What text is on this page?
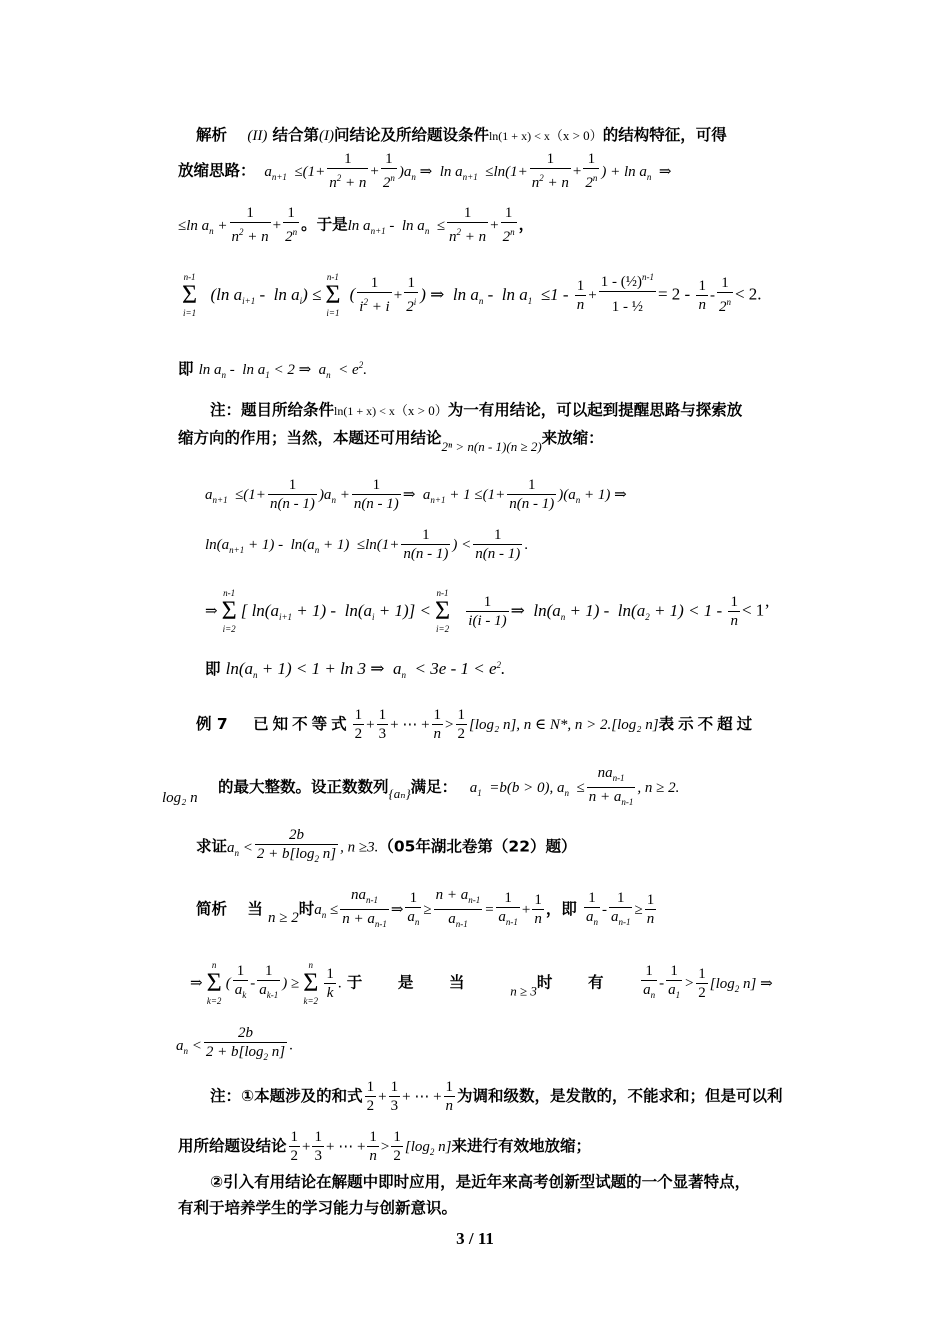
解析 (II) 结合第(I)问结论及所给题设条件ln(1 + x) < x（x > 0）的结构特征，可得
放缩思路：  $a_{n+1} \le(1+ \frac{1}{n^2 + n} + \frac{1}{2^n} )a_n$ ⇒  $\ln a_{n+1} \le\ln(1+ \frac{1}{n^2 + n} + \frac{1}{2^n}$ ) + $\ln a_n$  ⇒
≤ln $a_n + \frac{1}{n^2 + n} + \frac{1}{2^n}$ 。于是$\ln a_{n+1} - \ln a_n \le \frac{1}{n^2 + n} + \frac{1}{2^n}$ ，
n-1
Σ
i=1
(ln $a_{i+1}$ -  $\ln a_i$) ≤
n-1
Σ
i=1
( $\frac{1}{i^2 + i} + \frac{1}{2^i}$ ) ⇒  $\ln a_n - \ln a_1 \le 1 - \frac{1}{n} + \frac{1 - (\frac{1}{2})^{n-1}}{\text{1 - ½}} = 2 - \frac{1}{n} - \frac{1}{2^n} < 2$.
即 $\ln a_n - \ln a_1 < 2$ ⇒  $a_n < e^2$.
注：题目所给条件ln(1 + x) < x（x > 0）为一有用结论，可以起到提醒思路与探索放
缩方向的作用；当然，本题还可用结论$_{2^n > n(n - 1)(n \ge 2)}$来放缩：
$a_{n+1} \le(1+ \frac{1}{n(n - 1)} )a_n + \frac{1}{n(n - 1)}$ ⇒  $a_{n+1} + 1 \le(1+ \frac{1}{n(n - 1)} )(a_n + 1)$ ⇒
$\ln(a_{n+1} + 1) - \ln(a_n + 1) \le\ln(1+ \frac{1}{n(n - 1)}$ ) < $\frac{1}{n(n - 1)}$ .
⇒
n-1
Σ
i=2
[ $\ln(a_{i+1} + 1) - \ln(a_i + 1)$] <
n-1
Σ
i=2
$\frac{1}{i(i - 1)}$ ⇒  $\ln(a_n + 1) - \ln(a_2 + 1) < 1 - \frac{1}{n} < 1$’
即 $\ln(a_n + 1) < 1 + \ln 3$ ⇒  $a_n < 3e - 1 < e^2$.
例 7 已知不等式 $\frac{1}{2} + \frac{1}{3}$ + ⋯ + $\frac{1}{n} > \frac{1}{2} [\log_2$ n], n ∈ N*, n > 2.[log₂ n]表示不超过
log₂ n    的最大整数。设正数数列$_{\{a_n\}}$满足：   $a_1 =b(b > 0)$, $a_n \le \frac{na_{n-1}}{n + a_{n-1}}$ , n ≥ 2.
求证$a_n < \frac{2b}{2 + b[\log_2 n]}$ , n ≥3.（05年湖北卷第（22）题）
简析 当 n ≥ 2时$a_n \le \frac{na_{n-1}}{n + a_{n-1}}$ ⇒ $\frac{1}{a_n} \ge \frac{n + a_{n-1}}{a_{n-1}} = \frac{1}{a_{n-1}} + \frac{1}{n}$ ，即 $\frac{1}{a_n} - \frac{1}{a_{n-1}} \ge \frac{1}{n}$
⇒
n
Σ
k=2
( $\frac{1}{a_k} - \frac{1}{a_{k-1}}$ ) ≥
n
Σ
$k=2 \frac{1}{k}$ . 于 是 当	$_{n \ge 3}$时 有	$\frac{1}{a_n} - \frac{1}{a_1} > \frac{1}{2} [\log_2$ n] ⇒
$a_n < \frac{2b}{2 + b[\log_2 n]}$ .
注：①本题涉及的和式 $\frac{1}{2} + \frac{1}{3}$ + ⋯ + $\frac{1}{n}$ 为调和级数，是发散的，不能求和；但是可以利
用所给题设结论 $\frac{1}{2} + \frac{1}{3}$ + ⋯ + $\frac{1}{n} > \frac{1}{2} [\log_2$ n]来进行有效地放缩；
②引入有用结论在解题中即时应用，是近年来高考创新型试题的一个显著特点，
有利于培养学生的学习能力与创新意识。
3 / 11
